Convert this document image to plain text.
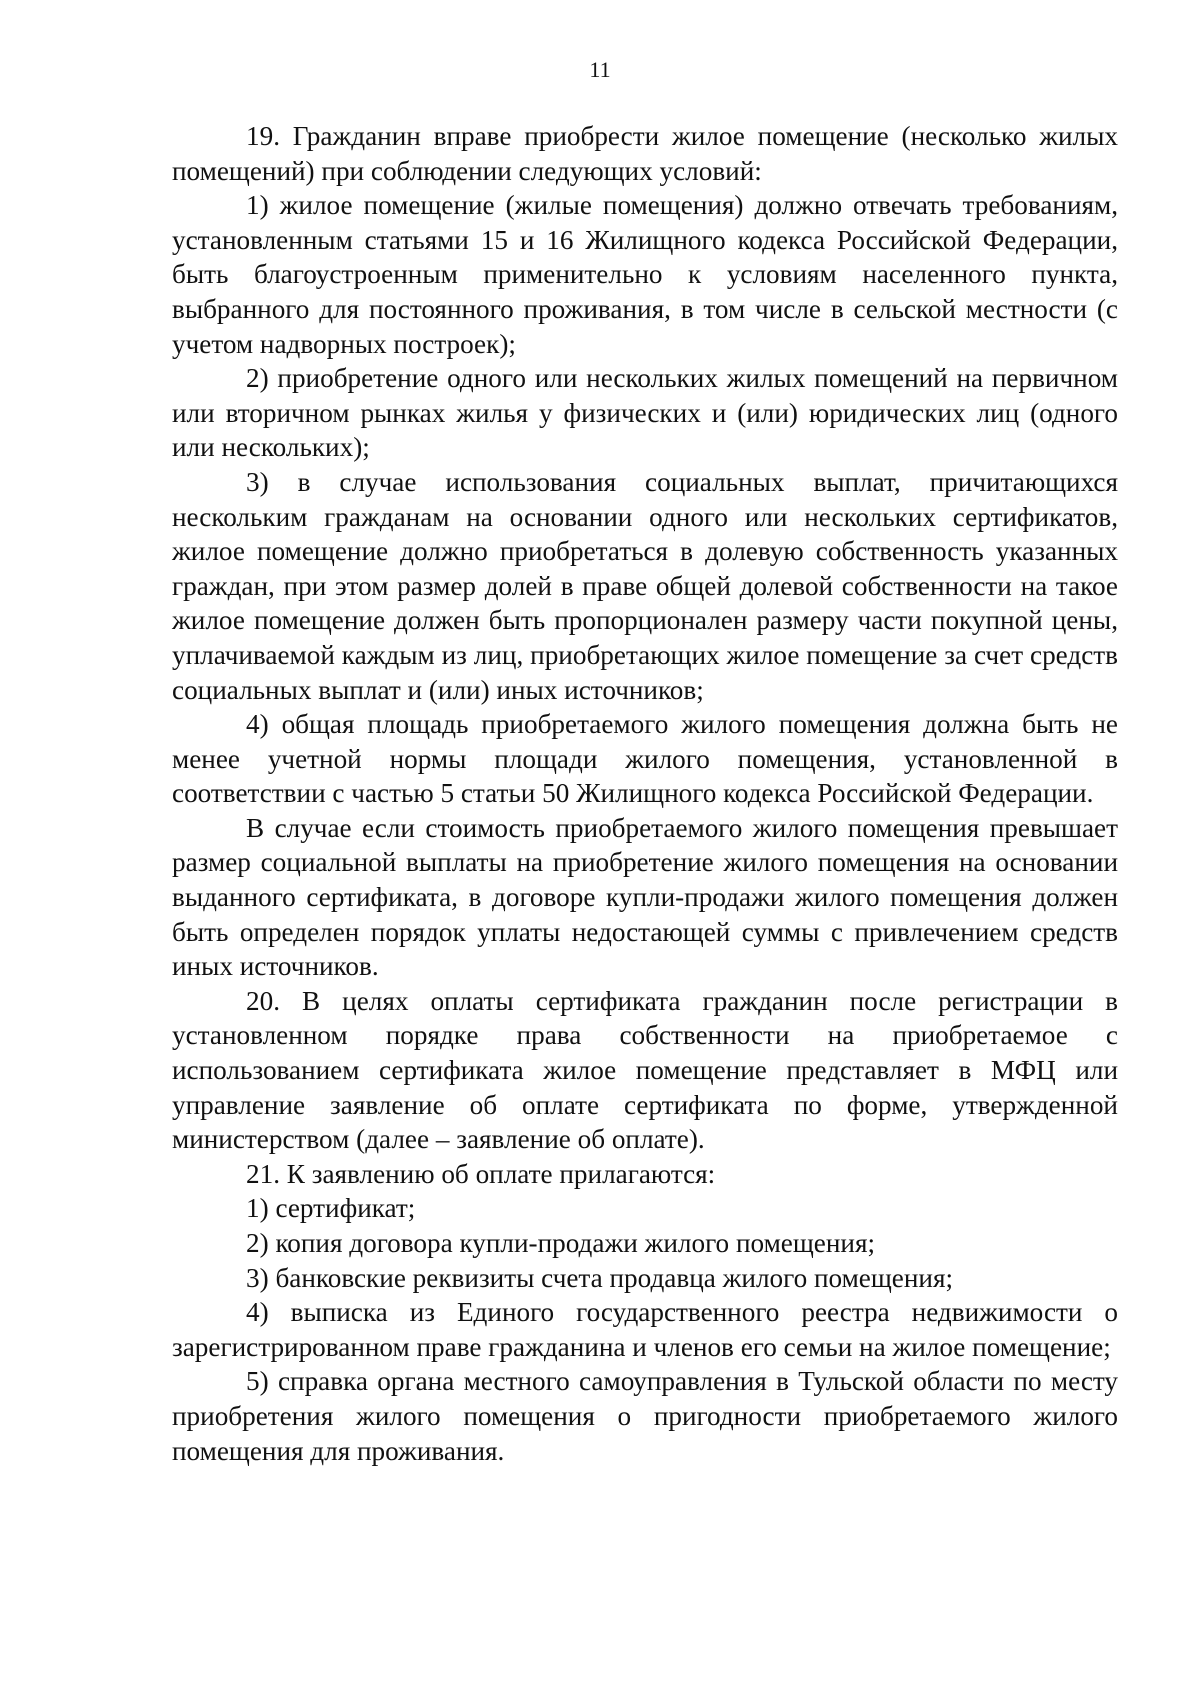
11

19. Гражданин вправе приобрести жилое помещение (несколько жилых помещений) при соблюдении следующих условий:

1) жилое помещение (жилые помещения) должно отвечать требованиям, установленным статьями 15 и 16 Жилищного кодекса Российской Федерации, быть благоустроенным применительно к условиям населенного пункта, выбранного для постоянного проживания, в том числе в сельской местности (с учетом надворных построек);

2) приобретение одного или нескольких жилых помещений на первичном или вторичном рынках жилья у физических и (или) юридических лиц (одного или нескольких);

3) в случае использования социальных выплат, причитающихся нескольким гражданам на основании одного или нескольких сертификатов, жилое помещение должно приобретаться в долевую собственность указанных граждан, при этом размер долей в праве общей долевой собственности на такое жилое помещение должен быть пропорционален размеру части покупной цены, уплачиваемой каждым из лиц, приобретающих жилое помещение за счет средств социальных выплат и (или) иных источников;

4) общая площадь приобретаемого жилого помещения должна быть не менее учетной нормы площади жилого помещения, установленной в соответствии с частью 5 статьи 50 Жилищного кодекса Российской Федерации.

В случае если стоимость приобретаемого жилого помещения превышает размер социальной выплаты на приобретение жилого помещения на основании выданного сертификата, в договоре купли-продажи жилого помещения должен быть определен порядок уплаты недостающей суммы с привлечением средств иных источников.

20. В целях оплаты сертификата гражданин после регистрации в установленном порядке права собственности на приобретаемое с использованием сертификата жилое помещение представляет в МФЦ или управление заявление об оплате сертификата по форме, утвержденной министерством (далее – заявление об оплате).

21. К заявлению об оплате прилагаются:

1) сертификат;

2) копия договора купли-продажи жилого помещения;

3) банковские реквизиты счета продавца жилого помещения;

4) выписка из Единого государственного реестра недвижимости о зарегистрированном праве гражданина и членов его семьи на жилое помещение;

5) справка органа местного самоуправления в Тульской области по месту приобретения жилого помещения о пригодности приобретаемого жилого помещения для проживания.
